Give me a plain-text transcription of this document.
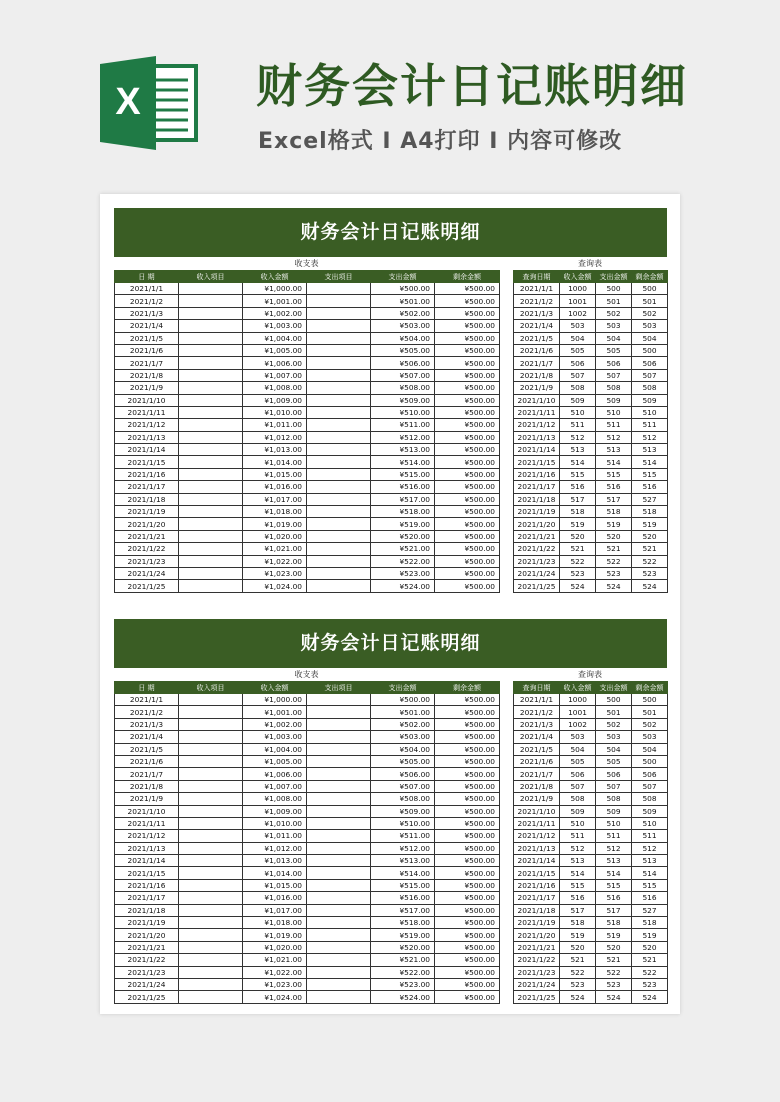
X	财务会计日记账明细
Excel格式 I A4打印 I 内容可修改
财务会计日记账明细
收支表	查询表
日 期	收入项目	收入金额	支出项目	支出金额	剩余金额
2021/1/1		¥1,000.00		¥500.00	¥500.00
2021/1/2		¥1,001.00		¥501.00	¥500.00
2021/1/3		¥1,002.00		¥502.00	¥500.00
2021/1/4		¥1,003.00		¥503.00	¥500.00
2021/1/5		¥1,004.00		¥504.00	¥500.00
2021/1/6		¥1,005.00		¥505.00	¥500.00
2021/1/7		¥1,006.00		¥506.00	¥500.00
2021/1/8		¥1,007.00		¥507.00	¥500.00
2021/1/9		¥1,008.00		¥508.00	¥500.00
2021/1/10		¥1,009.00		¥509.00	¥500.00
2021/1/11		¥1,010.00		¥510.00	¥500.00
2021/1/12		¥1,011.00		¥511.00	¥500.00
2021/1/13		¥1,012.00		¥512.00	¥500.00
2021/1/14		¥1,013.00		¥513.00	¥500.00
2021/1/15		¥1,014.00		¥514.00	¥500.00
2021/1/16		¥1,015.00		¥515.00	¥500.00
2021/1/17		¥1,016.00		¥516.00	¥500.00
2021/1/18		¥1,017.00		¥517.00	¥500.00
2021/1/19		¥1,018.00		¥518.00	¥500.00
2021/1/20		¥1,019.00		¥519.00	¥500.00
2021/1/21		¥1,020.00		¥520.00	¥500.00
2021/1/22		¥1,021.00		¥521.00	¥500.00
2021/1/23		¥1,022.00		¥522.00	¥500.00
2021/1/24		¥1,023.00		¥523.00	¥500.00
2021/1/25		¥1,024.00		¥524.00	¥500.00
查询日期	收入金额	支出金额	剩余金额
2021/1/1	1000	500	500
2021/1/2	1001	501	501
2021/1/3	1002	502	502
2021/1/4	503	503	503
2021/1/5	504	504	504
2021/1/6	505	505	500
2021/1/7	506	506	506
2021/1/8	507	507	507
2021/1/9	508	508	508
2021/1/10	509	509	509
2021/1/11	510	510	510
2021/1/12	511	511	511
2021/1/13	512	512	512
2021/1/14	513	513	513
2021/1/15	514	514	514
2021/1/16	515	515	515
2021/1/17	516	516	516
2021/1/18	517	517	527
2021/1/19	518	518	518
2021/1/20	519	519	519
2021/1/21	520	520	520
2021/1/22	521	521	521
2021/1/23	522	522	522
2021/1/24	523	523	523
2021/1/25	524	524	524
财务会计日记账明细
收支表	查询表
日 期	收入项目	收入金额	支出项目	支出金额	剩余金额
2021/1/1		¥1,000.00		¥500.00	¥500.00
2021/1/2		¥1,001.00		¥501.00	¥500.00
2021/1/3		¥1,002.00		¥502.00	¥500.00
2021/1/4		¥1,003.00		¥503.00	¥500.00
2021/1/5		¥1,004.00		¥504.00	¥500.00
2021/1/6		¥1,005.00		¥505.00	¥500.00
2021/1/7		¥1,006.00		¥506.00	¥500.00
2021/1/8		¥1,007.00		¥507.00	¥500.00
2021/1/9		¥1,008.00		¥508.00	¥500.00
2021/1/10		¥1,009.00		¥509.00	¥500.00
2021/1/11		¥1,010.00		¥510.00	¥500.00
2021/1/12		¥1,011.00		¥511.00	¥500.00
2021/1/13		¥1,012.00		¥512.00	¥500.00
2021/1/14		¥1,013.00		¥513.00	¥500.00
2021/1/15		¥1,014.00		¥514.00	¥500.00
2021/1/16		¥1,015.00		¥515.00	¥500.00
2021/1/17		¥1,016.00		¥516.00	¥500.00
2021/1/18		¥1,017.00		¥517.00	¥500.00
2021/1/19		¥1,018.00		¥518.00	¥500.00
2021/1/20		¥1,019.00		¥519.00	¥500.00
2021/1/21		¥1,020.00		¥520.00	¥500.00
2021/1/22		¥1,021.00		¥521.00	¥500.00
2021/1/23		¥1,022.00		¥522.00	¥500.00
2021/1/24		¥1,023.00		¥523.00	¥500.00
2021/1/25		¥1,024.00		¥524.00	¥500.00
查询日期	收入金额	支出金额	剩余金额
2021/1/1	1000	500	500
2021/1/2	1001	501	501
2021/1/3	1002	502	502
2021/1/4	503	503	503
2021/1/5	504	504	504
2021/1/6	505	505	500
2021/1/7	506	506	506
2021/1/8	507	507	507
2021/1/9	508	508	508
2021/1/10	509	509	509
2021/1/11	510	510	510
2021/1/12	511	511	511
2021/1/13	512	512	512
2021/1/14	513	513	513
2021/1/15	514	514	514
2021/1/16	515	515	515
2021/1/17	516	516	516
2021/1/18	517	517	527
2021/1/19	518	518	518
2021/1/20	519	519	519
2021/1/21	520	520	520
2021/1/22	521	521	521
2021/1/23	522	522	522
2021/1/24	523	523	523
2021/1/25	524	524	524
